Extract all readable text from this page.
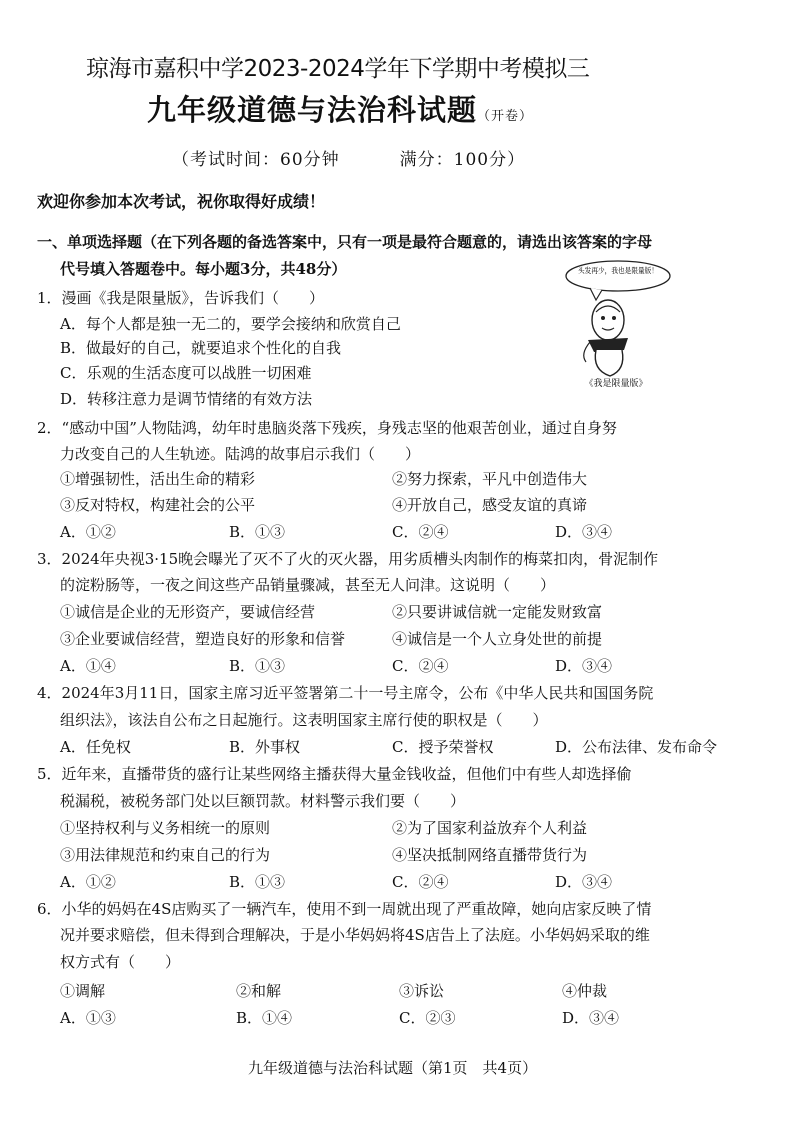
琼海市嘉积中学2023-2024学年下学期中考模拟三
九年级道德与法治科试题（开卷）
（考试时间：60分钟	满分：100分）
欢迎你参加本次考试，祝你取得好成绩！
一、单项选择题（在下列各题的备选答案中，只有一项是最符合题意的，请选出该答案的字母
代号填入答题卷中。每小题3分，共48分）	头发再少，我也是限量版！
《我是限量版》
1．漫画《我是限量版》，告诉我们（　　）
A．每个人都是独一无二的，要学会接纳和欣赏自己
B．做最好的自己，就要追求个性化的自我
C．乐观的生活态度可以战胜一切困难
D．转移注意力是调节情绪的有效方法
2．“感动中国”人物陆鸿，幼年时患脑炎落下残疾，身残志坚的他艰苦创业，通过自身努
力改变自己的人生轨迹。陆鸿的故事启示我们（　　）
①增强韧性，活出生命的精彩	②努力探索，平凡中创造伟大
③反对特权，构建社会的公平	④开放自己，感受友谊的真谛
A．①②	B．①③	C．②④	D．③④
3．2024年央视3·15晚会曝光了灭不了火的灭火器，用劣质槽头肉制作的梅菜扣肉，骨泥制作
的淀粉肠等，一夜之间这些产品销量骤减，甚至无人问津。这说明（　　）
①诚信是企业的无形资产，要诚信经营	②只要讲诚信就一定能发财致富
③企业要诚信经营，塑造良好的形象和信誉	④诚信是一个人立身处世的前提
A．①④	B．①③	C．②④	D．③④
4．2024年3月11日，国家主席习近平签署第二十一号主席令，公布《中华人民共和国国务院
组织法》，该法自公布之日起施行。这表明国家主席行使的职权是（　　）
A．任免权	B．外事权	C．授予荣誉权	D．公布法律、发布命令
5．近年来，直播带货的盛行让某些网络主播获得大量金钱收益，但他们中有些人却选择偷
税漏税，被税务部门处以巨额罚款。材料警示我们要（　　）
①坚持权利与义务相统一的原则	②为了国家利益放弃个人利益
③用法律规范和约束自己的行为	④坚决抵制网络直播带货行为
A．①②	B．①③	C．②④	D．③④
6．小华的妈妈在4S店购买了一辆汽车，使用不到一周就出现了严重故障，她向店家反映了情
况并要求赔偿，但未得到合理解决，于是小华妈妈将4S店告上了法庭。小华妈妈采取的维
权方式有（　　）
①调解	②和解	③诉讼	④仲裁
A．①③	B．①④	C．②③	D．③④
九年级道德与法治科试题（第1页　共4页）
